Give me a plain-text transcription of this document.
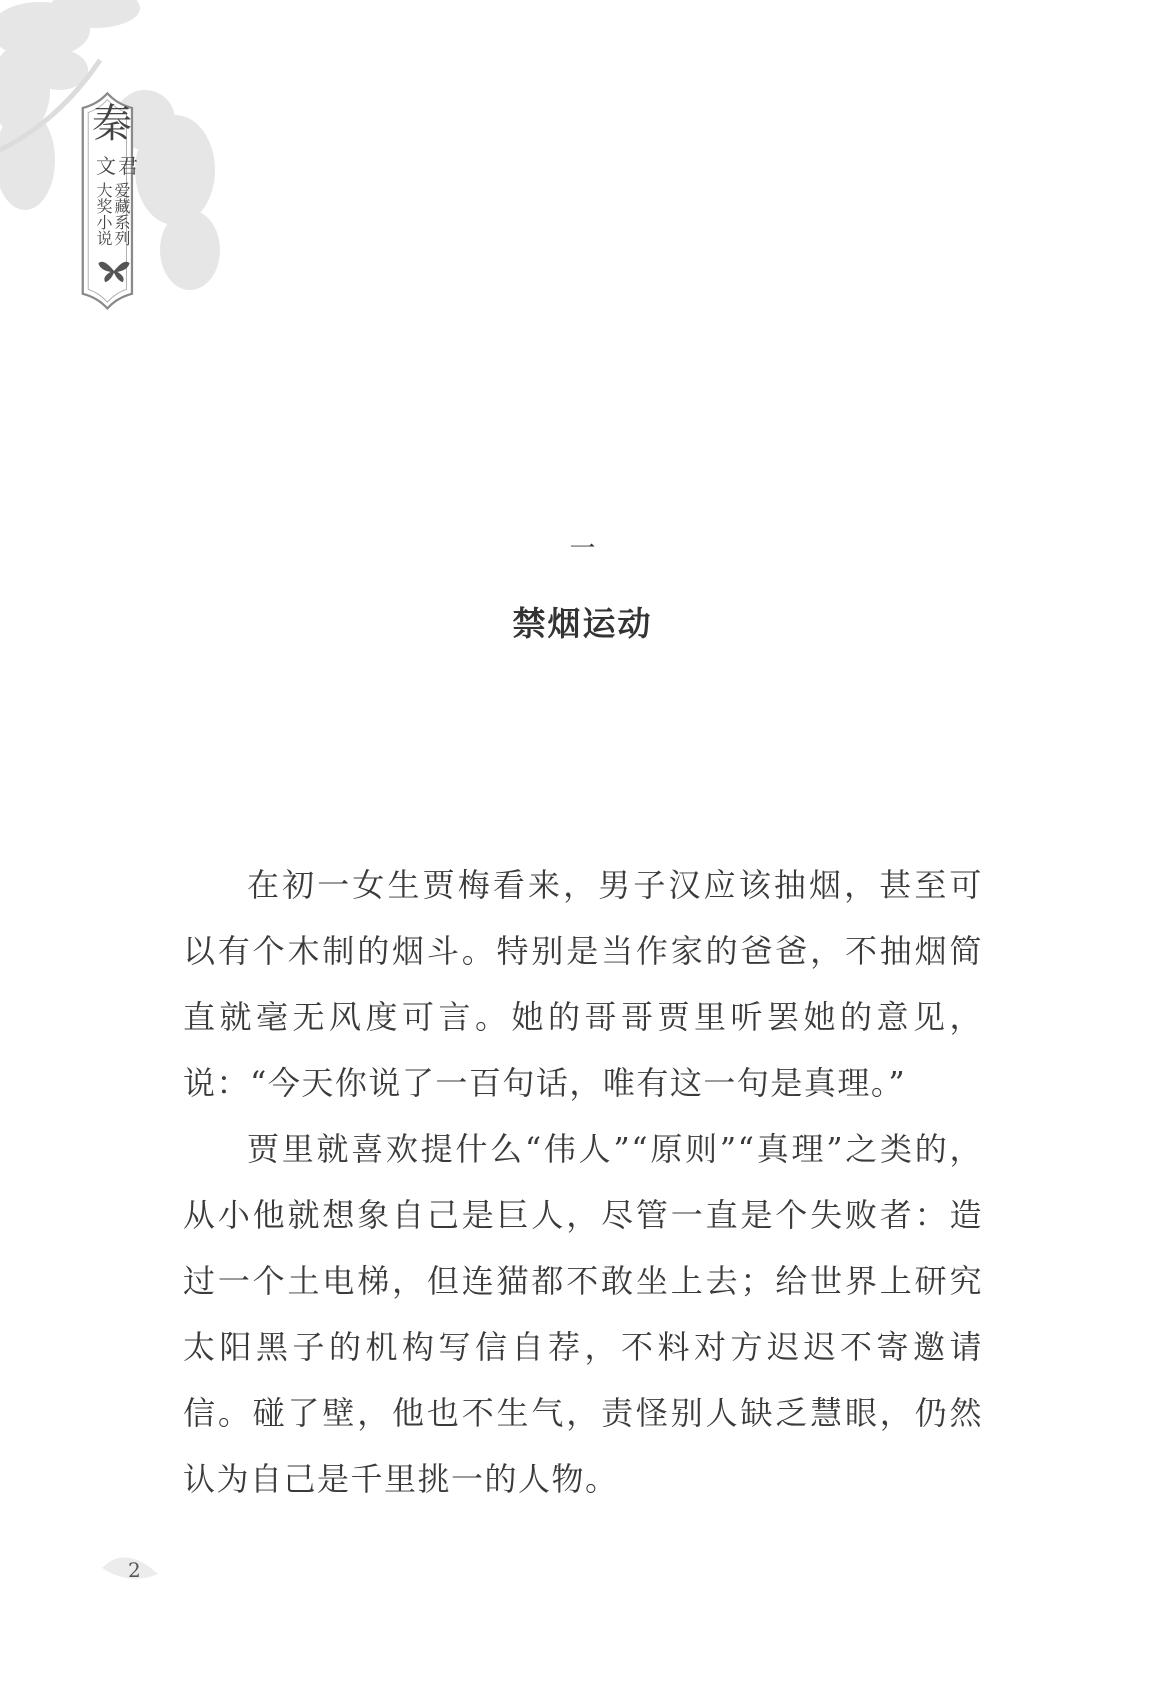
秦
文君
爱藏系列
大奖小说
一
禁烟运动

在初一女生贾梅看来，男子汉应该抽烟，甚至可以有个木制的烟斗。特别是当作家的爸爸，不抽烟简直就毫无风度可言。她的哥哥贾里听罢她的意见，说：“今天你说了一百句话，唯有这一句是真理。”

贾里就喜欢提什么“伟人”“原则”“真理”之类的，从小他就想象自己是巨人，尽管一直是个失败者：造过一个土电梯，但连猫都不敢坐上去；给世界上研究太阳黑子的机构写信自荐，不料对方迟迟不寄邀请信。碰了壁，他也不生气，责怪别人缺乏慧眼，仍然认为自己是千里挑一的人物。

2
